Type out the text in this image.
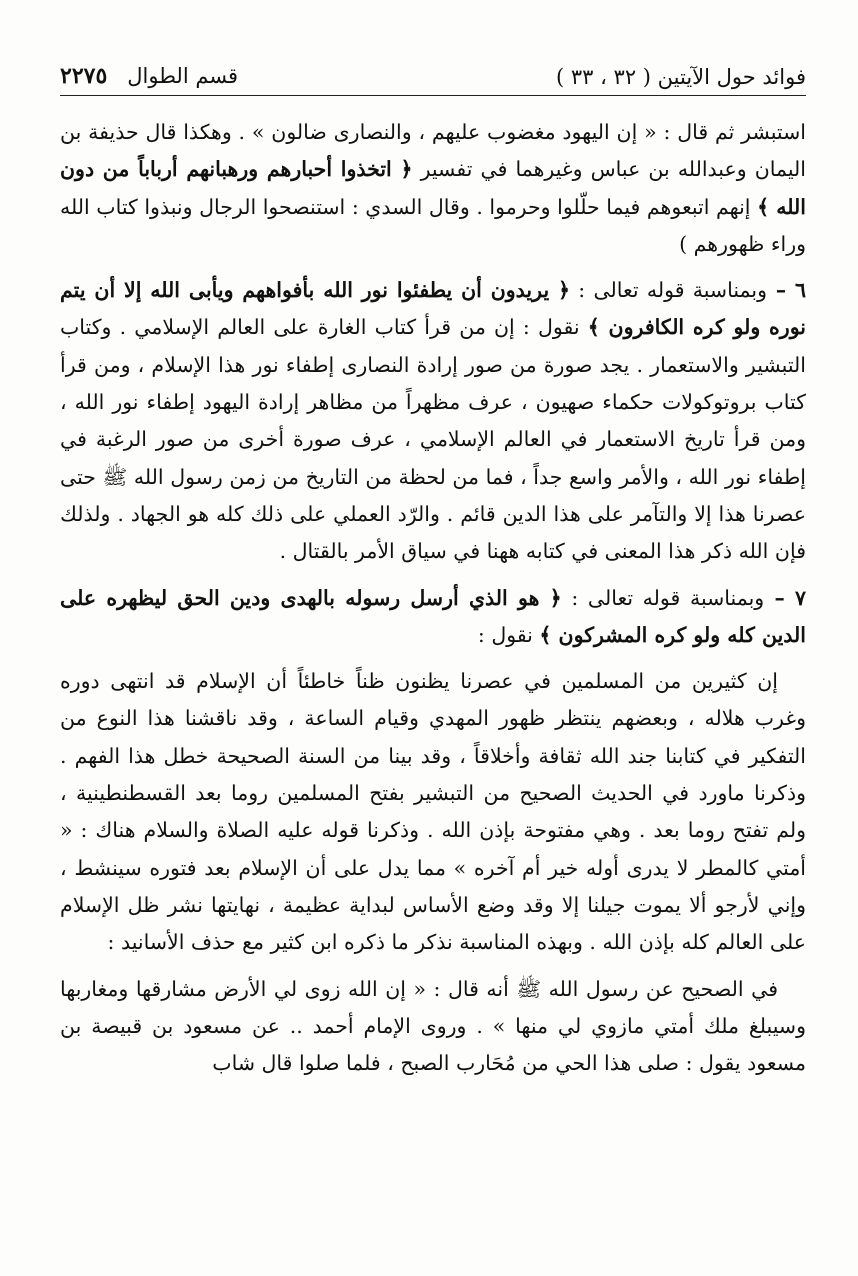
فوائد حول الآيتين ( ٣٢ ، ٣٣ )
قسم الطوال
٢٢٧٥

استبشر ثم قال : « إن اليهود مغضوب عليهم ، والنصارى ضالون » . وهكذا قال حذيفة بن اليمان وعبدالله بن عباس وغيرهما في تفسير ﴿ اتخذوا أحبارهم ورهبانهم أرباباً من دون الله ﴾ إنهم اتبعوهم فيما حلّلوا وحرموا . وقال السدي : استنصحوا الرجال ونبذوا كتاب الله وراء ظهورهم )

٦ – وبمناسبة قوله تعالى : ﴿ يريدون أن يطفئوا نور الله بأفواههم ويأبى الله إلا أن يتم نوره ولو كره الكافرون ﴾ نقول : إن من قرأ كتاب الغارة على العالم الإسلامي . وكتاب التبشير والاستعمار . يجد صورة من صور إرادة النصارى إطفاء نور هذا الإسلام ، ومن قرأ كتاب بروتوكولات حكماء صهيون ، عرف مظهراً من مظاهر إرادة اليهود إطفاء نور الله ، ومن قرأ تاريخ الاستعمار في العالم الإسلامي ، عرف صورة أخرى من صور الرغبة في إطفاء نور الله ، والأمر واسع جداً ، فما من لحظة من التاريخ من زمن رسول الله ﷺ حتى عصرنا هذا إلا والتآمر على هذا الدين قائم . والرّد العملي على ذلك كله هو الجهاد . ولذلك فإن الله ذكر هذا المعنى في كتابه ههنا في سياق الأمر بالقتال .

٧ – وبمناسبة قوله تعالى : ﴿ هو الذي أرسل رسوله بالهدى ودين الحق ليظهره على الدين كله ولو كره المشركون ﴾ نقول :

إن كثيرين من المسلمين في عصرنا يظنون ظناً خاطئاً أن الإسلام قد انتهى دوره وغرب هلاله ، وبعضهم ينتظر ظهور المهدي وقيام الساعة ، وقد ناقشنا هذا النوع من التفكير في كتابنا جند الله ثقافة وأخلاقاً ، وقد بينا من السنة الصحيحة خطل هذا الفهم . وذكرنا ماورد في الحديث الصحيح من التبشير بفتح المسلمين روما بعد القسطنطينية ، ولم تفتح روما بعد . وهي مفتوحة بإذن الله . وذكرنا قوله عليه الصلاة والسلام هناك : « أمتي كالمطر لا يدرى أوله خير أم آخره » مما يدل على أن الإسلام بعد فتوره سينشط ، وإني لأرجو ألا يموت جيلنا إلا وقد وضع الأساس لبداية عظيمة ، نهايتها نشر ظل الإسلام على العالم كله بإذن الله . وبهذه المناسبة نذكر ما ذكره ابن كثير مع حذف الأسانيد :

في الصحيح عن رسول الله ﷺ أنه قال : « إن الله زوى لي الأرض مشارقها ومغاربها وسيبلغ ملك أمتي مازوي لي منها » . وروى الإمام أحمد .. عن مسعود بن قبيصة بن مسعود يقول : صلى هذا الحي من مُحَارب الصبح ، فلما صلوا قال شاب
